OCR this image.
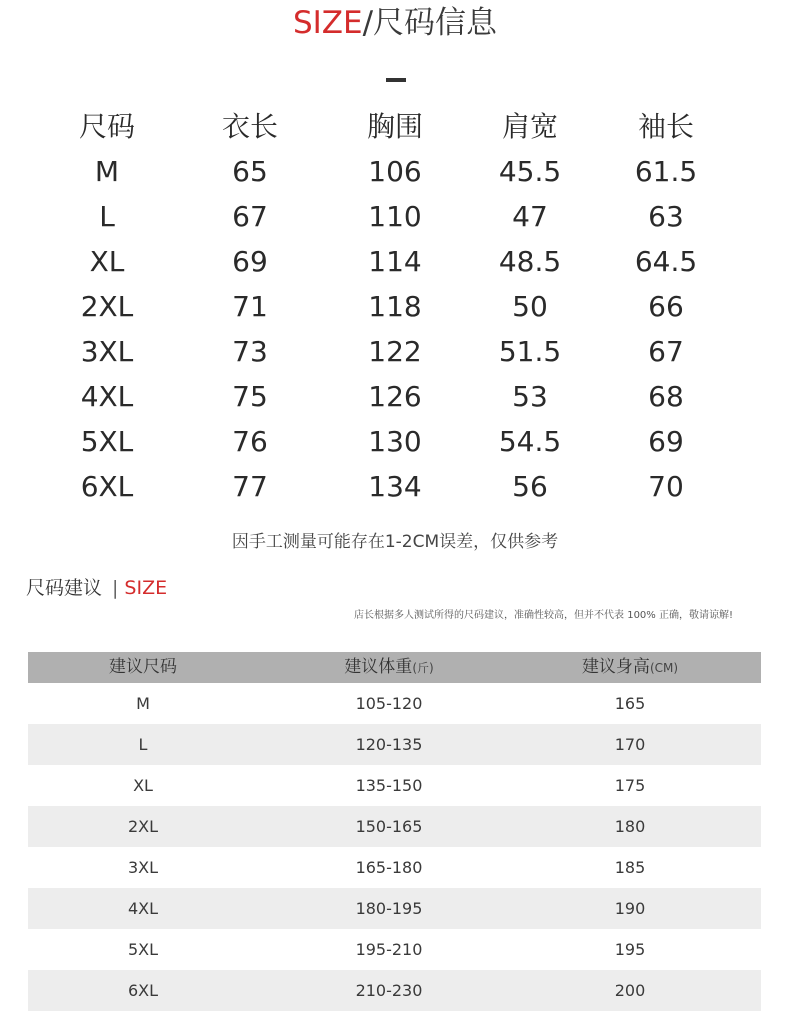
SIZE/尺码信息
尺码	衣长	胸围	肩宽	袖长
M	65	106	45.5	61.5
L	67	110	47	63
XL	69	114	48.5	64.5
2XL	71	118	50	66
3XL	73	122	51.5	67
4XL	75	126	53	68
5XL	76	130	54.5	69
6XL	77	134	56	70
因手工测量可能存在1-2CM误差，仅供参考
尺码建议 | SIZE
店长根据多人测试所得的尺码建议，准确性较高，但并不代表 100% 正确，敬请谅解!
建议尺码	建议体重(斤)	建议身高(CM)
M	105-120	165
L	120-135	170
XL	135-150	175
2XL	150-165	180
3XL	165-180	185
4XL	180-195	190
5XL	195-210	195
6XL	210-230	200
